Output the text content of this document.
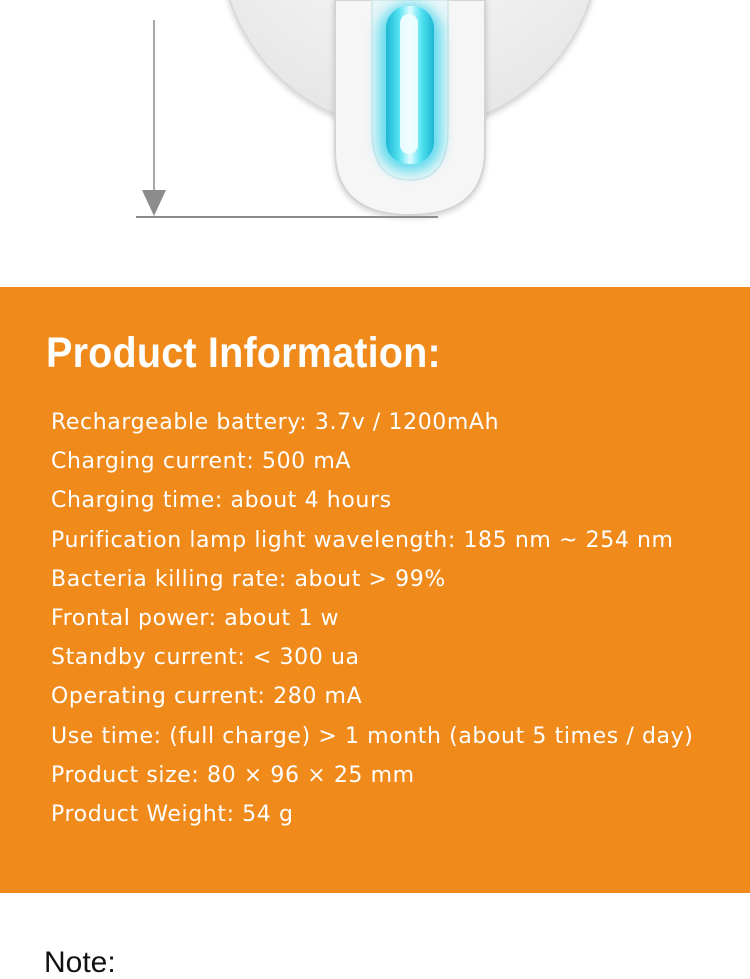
Product Information:
Rechargeable battery: 3.7v / 1200mAh
Charging current: 500 mA
Charging time: about 4 hours
Purification lamp light wavelength: 185 nm ~ 254 nm
Bacteria killing rate: about > 99%
Frontal power: about 1 w
Standby current: < 300 ua
Operating current: 280 mA
Use time: (full charge) > 1 month (about 5 times / day)
Product size: 80 × 96 × 25 mm
Product Weight: 54 g

Note:
